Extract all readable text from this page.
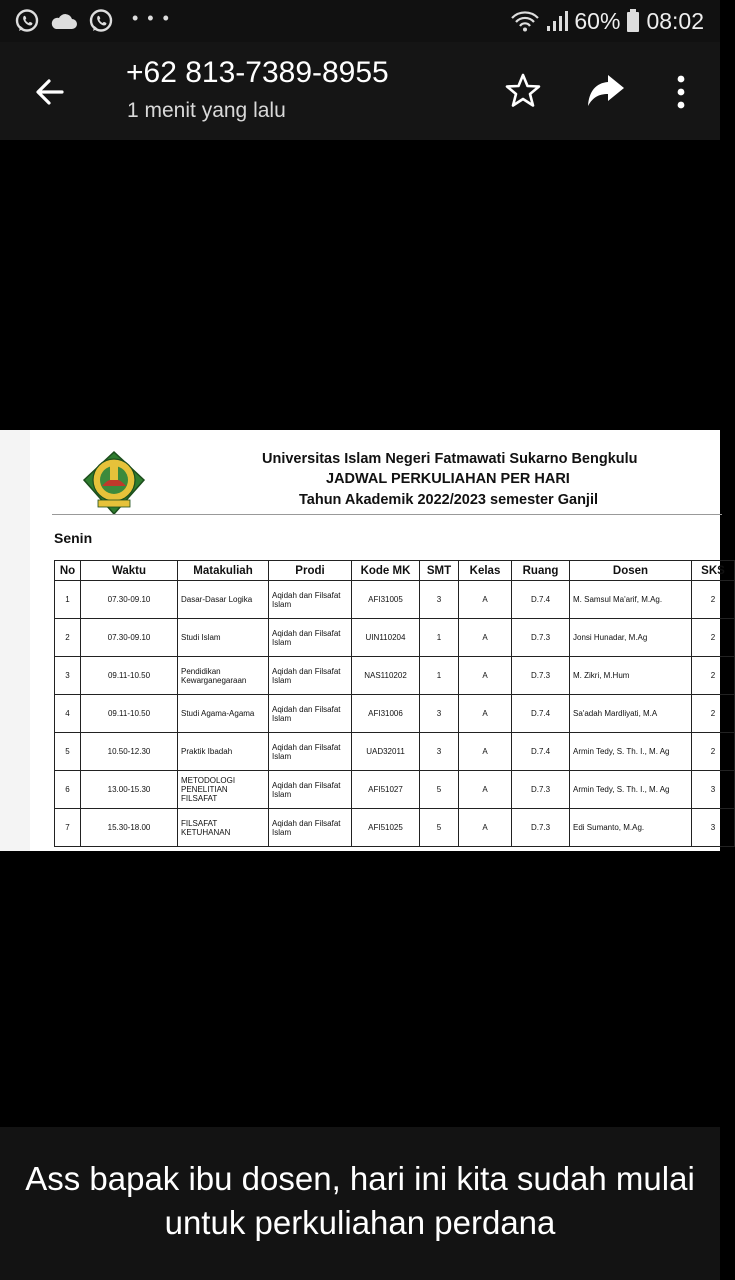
• • •	60% 08:02
+62 813-7389-8955
1 menit yang lalu
Universitas Islam Negeri Fatmawati Sukarno Bengkulu
JADWAL PERKULIAHAN PER HARI
Tahun Akademik 2022/2023 semester Ganjil
Senin
No	Waktu	Matakuliah	Prodi	Kode MK	SMT	Kelas	Ruang	Dosen	SKS
1	07.30-09.10	Dasar-Dasar Logika	Aqidah dan Filsafat Islam	AFI31005	3	A	D.7.4	M. Samsul Ma'arif, M.Ag.	2
2	07.30-09.10	Studi Islam	Aqidah dan Filsafat Islam	UIN110204	1	A	D.7.3	Jonsi Hunadar, M.Ag	2
3	09.11-10.50	Pendidikan Kewarganegaraan	Aqidah dan Filsafat Islam	NAS110202	1	A	D.7.3	M. Zikri, M.Hum	2
4	09.11-10.50	Studi Agama-Agama	Aqidah dan Filsafat Islam	AFI31006	3	A	D.7.4	Sa'adah Mardliyati, M.A	2
5	10.50-12.30	Praktik Ibadah	Aqidah dan Filsafat Islam	UAD32011	3	A	D.7.4	Armin Tedy, S. Th. I., M. Ag	2
6	13.00-15.30	METODOLOGI PENELITIAN FILSAFAT	Aqidah dan Filsafat Islam	AFI51027	5	A	D.7.3	Armin Tedy, S. Th. I., M. Ag	3
7	15.30-18.00	FILSAFAT KETUHANAN	Aqidah dan Filsafat Islam	AFI51025	5	A	D.7.3	Edi Sumanto, M.Ag.	3
Ass bapak ibu dosen, hari ini kita sudah mulai untuk perkuliahan perdana
